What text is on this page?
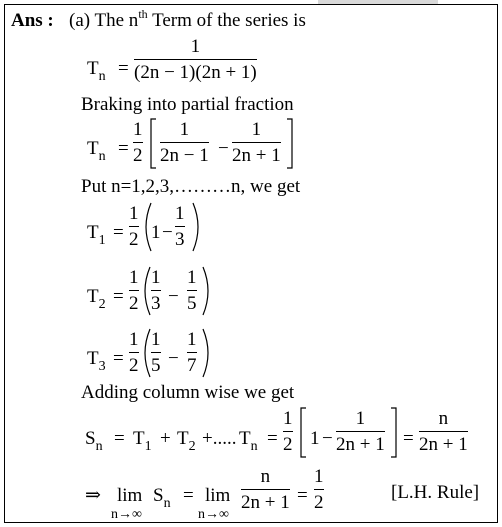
Ans : (a) The $n^{th}$ Term of the series is
$T_n$ =
1
(2n − 1)(2n + 1)
Braking into partial fraction
$T_n$ =
1
2
1
2n − 1 −
1
2n + 1
Put n=1,2,3,………n, we get
$T_1$ =
1
2 1 −
1
3
$T_2$ =
1
2
1
3 −
1
5
$T_3$ =
1
2
1
5 −
1
7
Adding column wise we get
$S_n = T_1 + T_2$ +..... $T_n$ =
1
2 1 −
1
2n + 1 =
n
2n + 1
⇒ lim
n→∞
$S_n = \lim$
n→∞
n
2n + 1 =
1
2	[L.H. Rule]
